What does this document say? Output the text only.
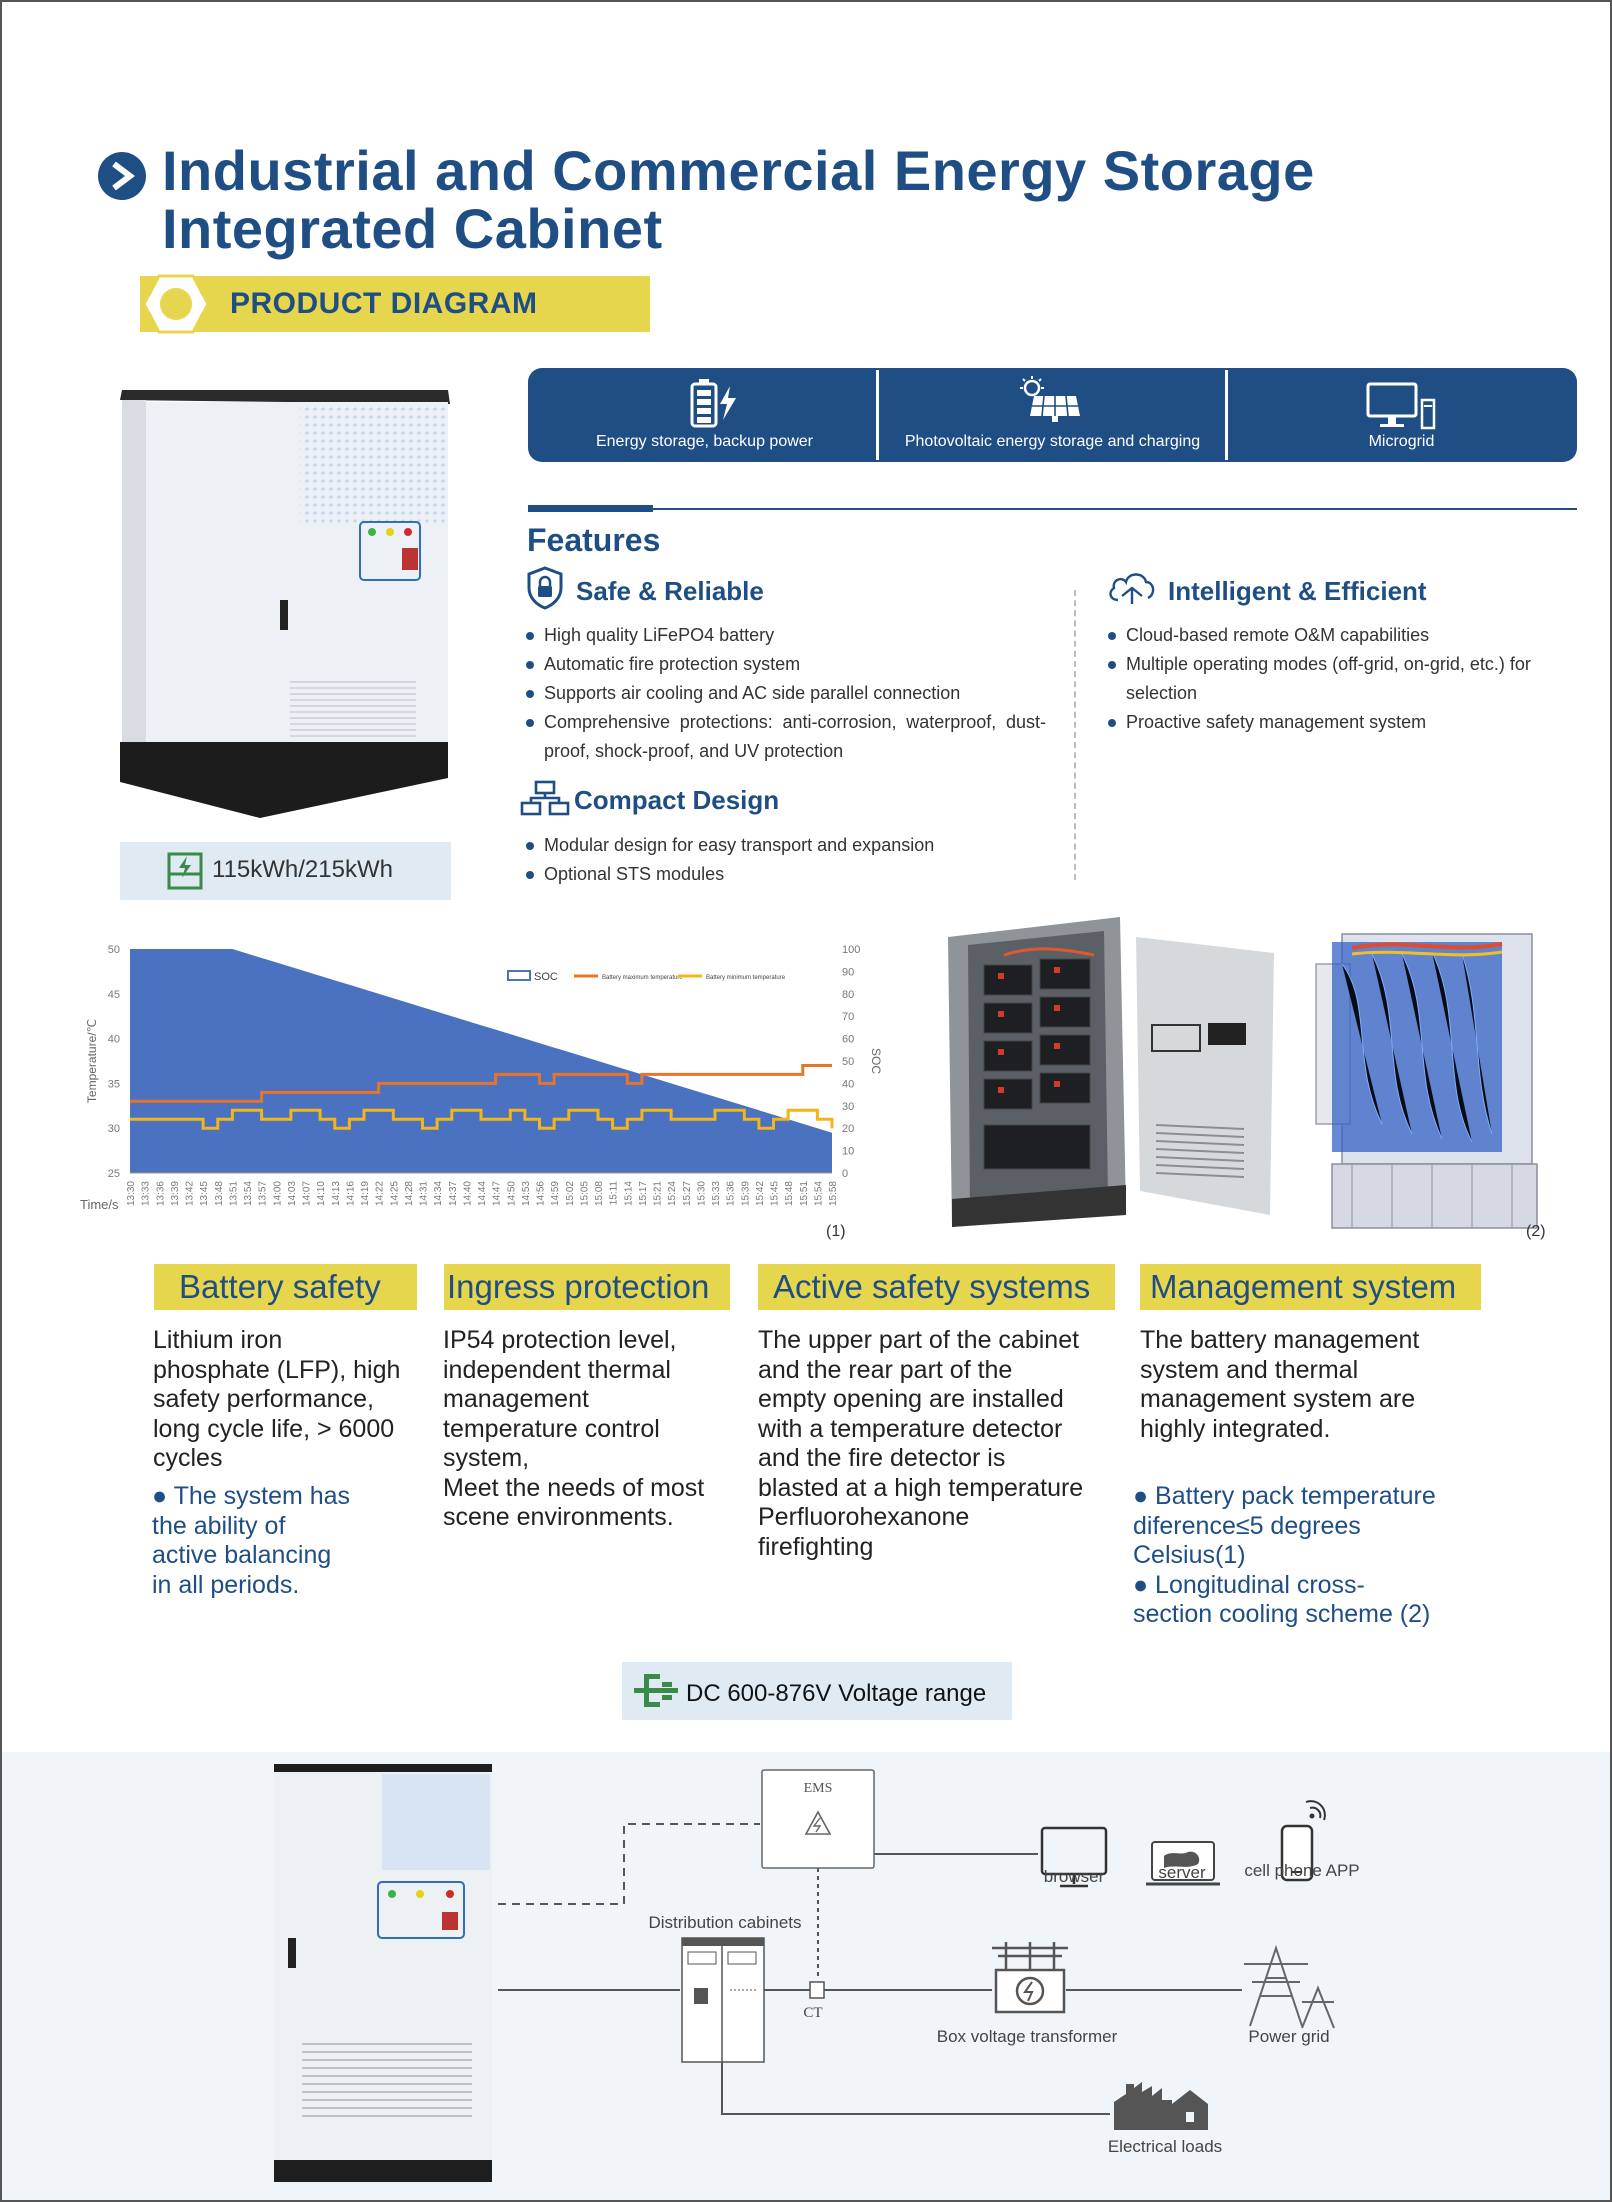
Industrial and Commercial Energy Storage
Integrated Cabinet
PRODUCT DIAGRAM
115kWh/215kWh
Energy storage, backup power	Photovoltaic energy storage and charging	Microgrid
Features
Safe & Reliable
High quality LiFePO4 battery
Automatic fire protection system
Supports air cooling and AC side parallel connection
Comprehensive protections: anti-corrosion, waterproof, dust-proof, shock-proof, and UV protection
Compact Design
Modular design for easy transport and expansion
Optional STS modules
Intelligent & Efficient
Cloud-based remote O&M capabilities
Multiple operating modes (off-grid, on-grid, etc.) for selection
Proactive safety management system
50
45
40
35
30
25
100
90
80
70
60
50
40
30
20
10
0
13:30 13:33 13:36 13:39 13:42 13:45 13:48 13:51 13:54 13:57 14:00 14:03 14:07 14:10 14:13 14:16 14:19 14:22 14:25 14:28 14:31 14:34 14:37 14:40 14:44 14:47 14:50 14:53 14:56 14:59 15:02 15:05 15:08 15:11 15:14 15:17 15:21 15:24 15:27 15:30 15:33 15:36 15:39 15:42 15:45 15:48 15:51 15:54 15:58
Time/s
Temperature/℃	SOC
SOC	Battery maximum temperature	Battery minimum temperature
(1)	(2)
Battery safety	Ingress protection	Active safety systems	Management system
Lithium iron
phosphate (LFP), high
safety performance,
long cycle life, > 6000
cycles
● The system has
the ability of
active balancing
in all periods.
IP54 protection level,
independent thermal
management
temperature control
system,
Meet the needs of most
scene environments.
The upper part of the cabinet
and the rear part of the
empty opening are installed
with a temperature detector
and the fire detector is
blasted at a high temperature
Perfluorohexanone
firefighting
The battery management
system and thermal
management system are
highly integrated.
● Battery pack temperature
diference≤5 degrees
Celsius(1)
● Longitudinal cross-
section cooling scheme (2)
DC 600-876V Voltage range
EMS
browser	server cell phone APP
Distribution cabinets
CT
Box voltage transformer	Power grid
Electrical loads
